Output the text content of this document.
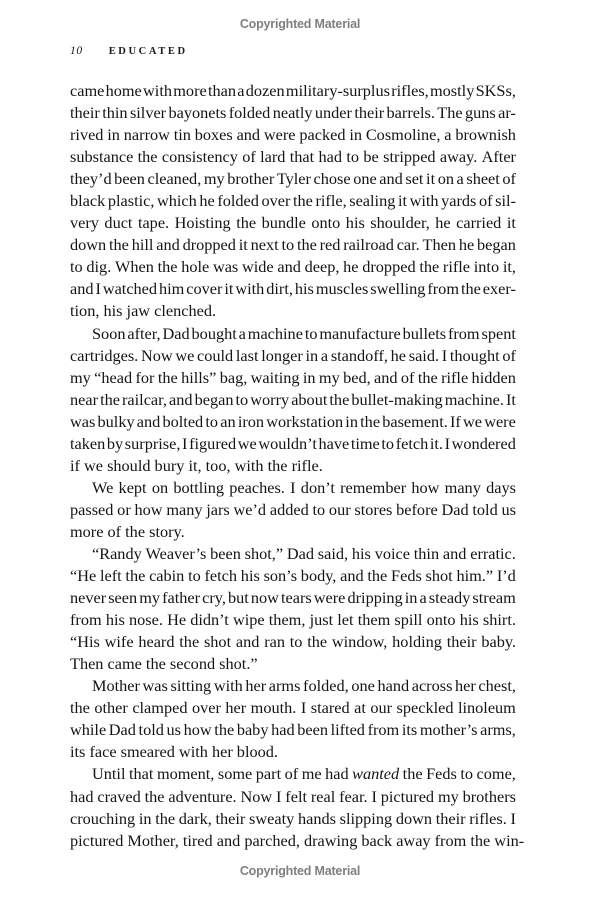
Copyrighted Material
10 EDUCATED
came home with more than a dozen military-surplus rifles, mostly SKSs,
their thin silver bayonets folded neatly under their barrels. The guns ar-
rived in narrow tin boxes and were packed in Cosmoline, a brownish
substance the consistency of lard that had to be stripped away. After
they’d been cleaned, my brother Tyler chose one and set it on a sheet of
black plastic, which he folded over the rifle, sealing it with yards of sil-
very duct tape. Hoisting the bundle onto his shoulder, he carried it
down the hill and dropped it next to the red railroad car. Then he began
to dig. When the hole was wide and deep, he dropped the rifle into it,
and I watched him cover it with dirt, his muscles swelling from the exer-
tion, his jaw clenched.
Soon after, Dad bought a machine to manufacture bullets from spent
cartridges. Now we could last longer in a standoff, he said. I thought of
my “head for the hills” bag, waiting in my bed, and of the rifle hidden
near the railcar, and began to worry about the bullet-making machine. It
was bulky and bolted to an iron workstation in the basement. If we were
taken by surprise, I figured we wouldn’t have time to fetch it. I wondered
if we should bury it, too, with the rifle.
We kept on bottling peaches. I don’t remember how many days
passed or how many jars we’d added to our stores before Dad told us
more of the story.
“Randy Weaver’s been shot,” Dad said, his voice thin and erratic.
“He left the cabin to fetch his son’s body, and the Feds shot him.” I’d
never seen my father cry, but now tears were dripping in a steady stream
from his nose. He didn’t wipe them, just let them spill onto his shirt.
“His wife heard the shot and ran to the window, holding their baby.
Then came the second shot.”
Mother was sitting with her arms folded, one hand across her chest,
the other clamped over her mouth. I stared at our speckled linoleum
while Dad told us how the baby had been lifted from its mother’s arms,
its face smeared with her blood.
Until that moment, some part of me had wanted the Feds to come,
had craved the adventure. Now I felt real fear. I pictured my brothers
crouching in the dark, their sweaty hands slipping down their rifles. I
pictured Mother, tired and parched, drawing back away from the win-
Copyrighted Material
